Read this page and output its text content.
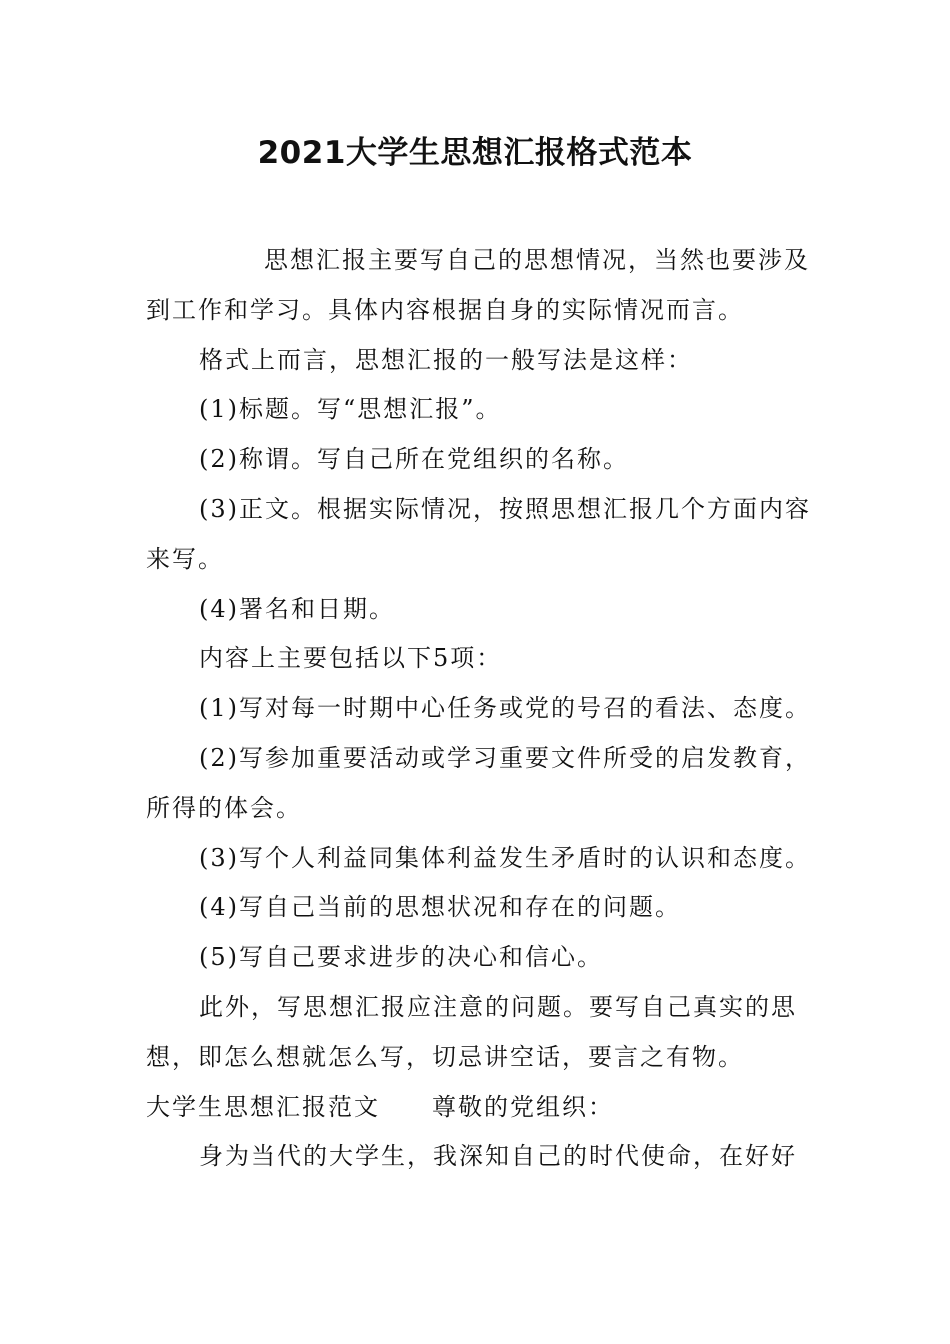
2021大学生思想汇报格式范本

思想汇报主要写自己的思想情况，当然也要涉及

到工作和学习。具体内容根据自身的实际情况而言。

格式上而言，思想汇报的一般写法是这样：

(1)标题。写“思想汇报”。

(2)称谓。写自己所在党组织的名称。

(3)正文。根据实际情况，按照思想汇报几个方面内容

来写。

(4)署名和日期。

内容上主要包括以下5项：

(1)写对每一时期中心任务或党的号召的看法、态度。

(2)写参加重要活动或学习重要文件所受的启发教育，

所得的体会。

(3)写个人利益同集体利益发生矛盾时的认识和态度。

(4)写自己当前的思想状况和存在的问题。

(5)写自己要求进步的决心和信心。

此外，写思想汇报应注意的问题。要写自己真实的思

想，即怎么想就怎么写，切忌讲空话，要言之有物。

大学生思想汇报范文 尊敬的党组织：

身为当代的大学生，我深知自己的时代使命，在好好
